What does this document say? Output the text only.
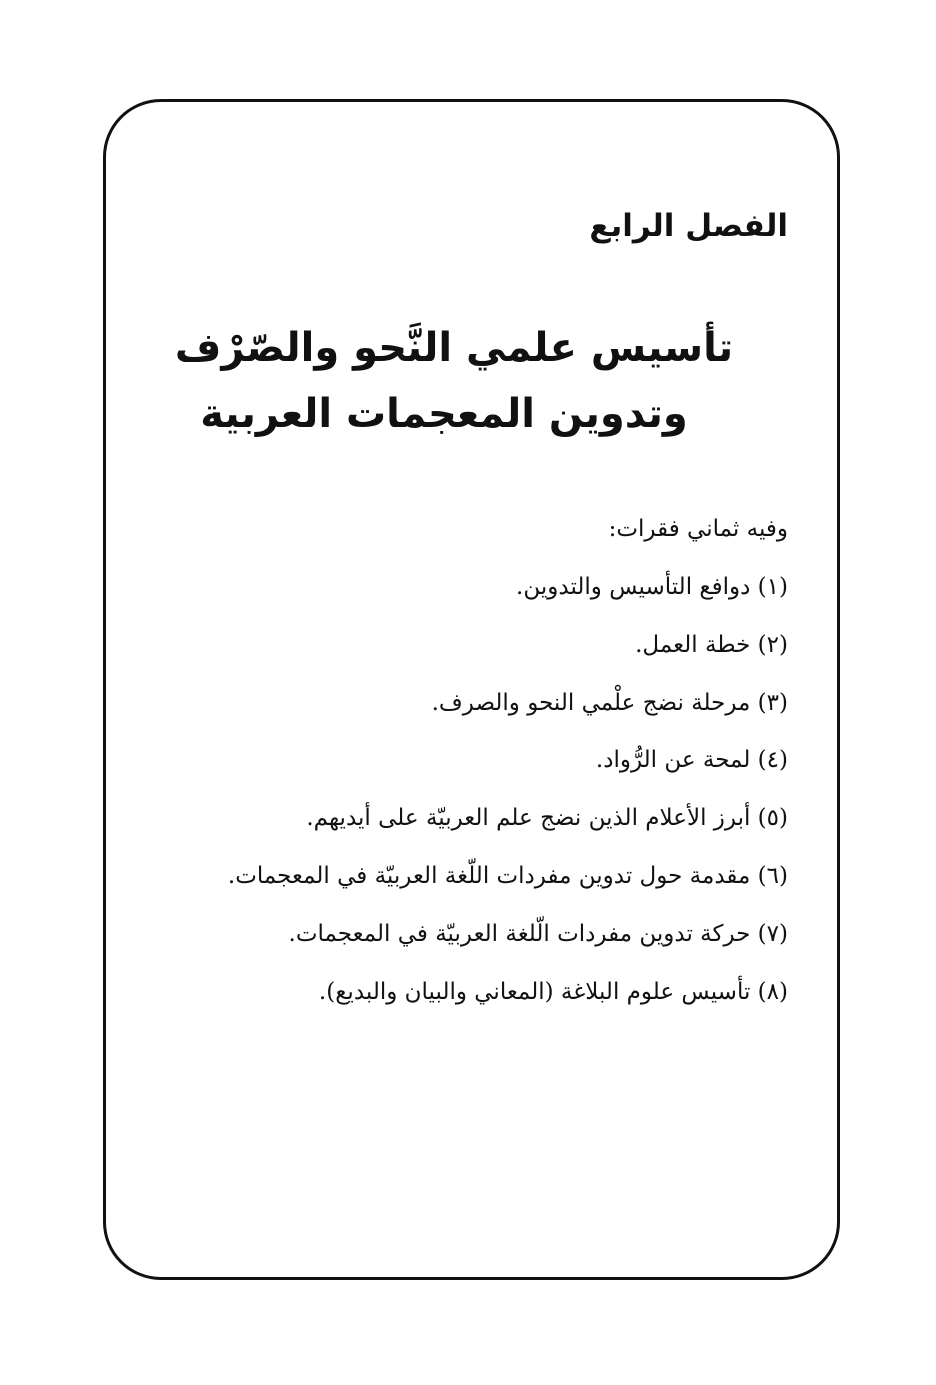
الفصل الرابع

تأسيس علمي النَّحو والصّرْف

وتدوين المعجمات العربية

وفيه ثماني فقرات:

(١) دوافع التأسيس والتدوين.
(٢) خطة العمل.
(٣) مرحلة نضج علْمي النحو والصرف.
(٤) لمحة عن الرُّواد.
(٥) أبرز الأعلام الذين نضج علم العربيّة على أيديهم.
(٦) مقدمة حول تدوين مفردات اللّغة العربيّة في المعجمات.
(٧) حركة تدوين مفردات الّلغة العربيّة في المعجمات.
(٨) تأسيس علوم البلاغة (المعاني والبيان والبديع).
